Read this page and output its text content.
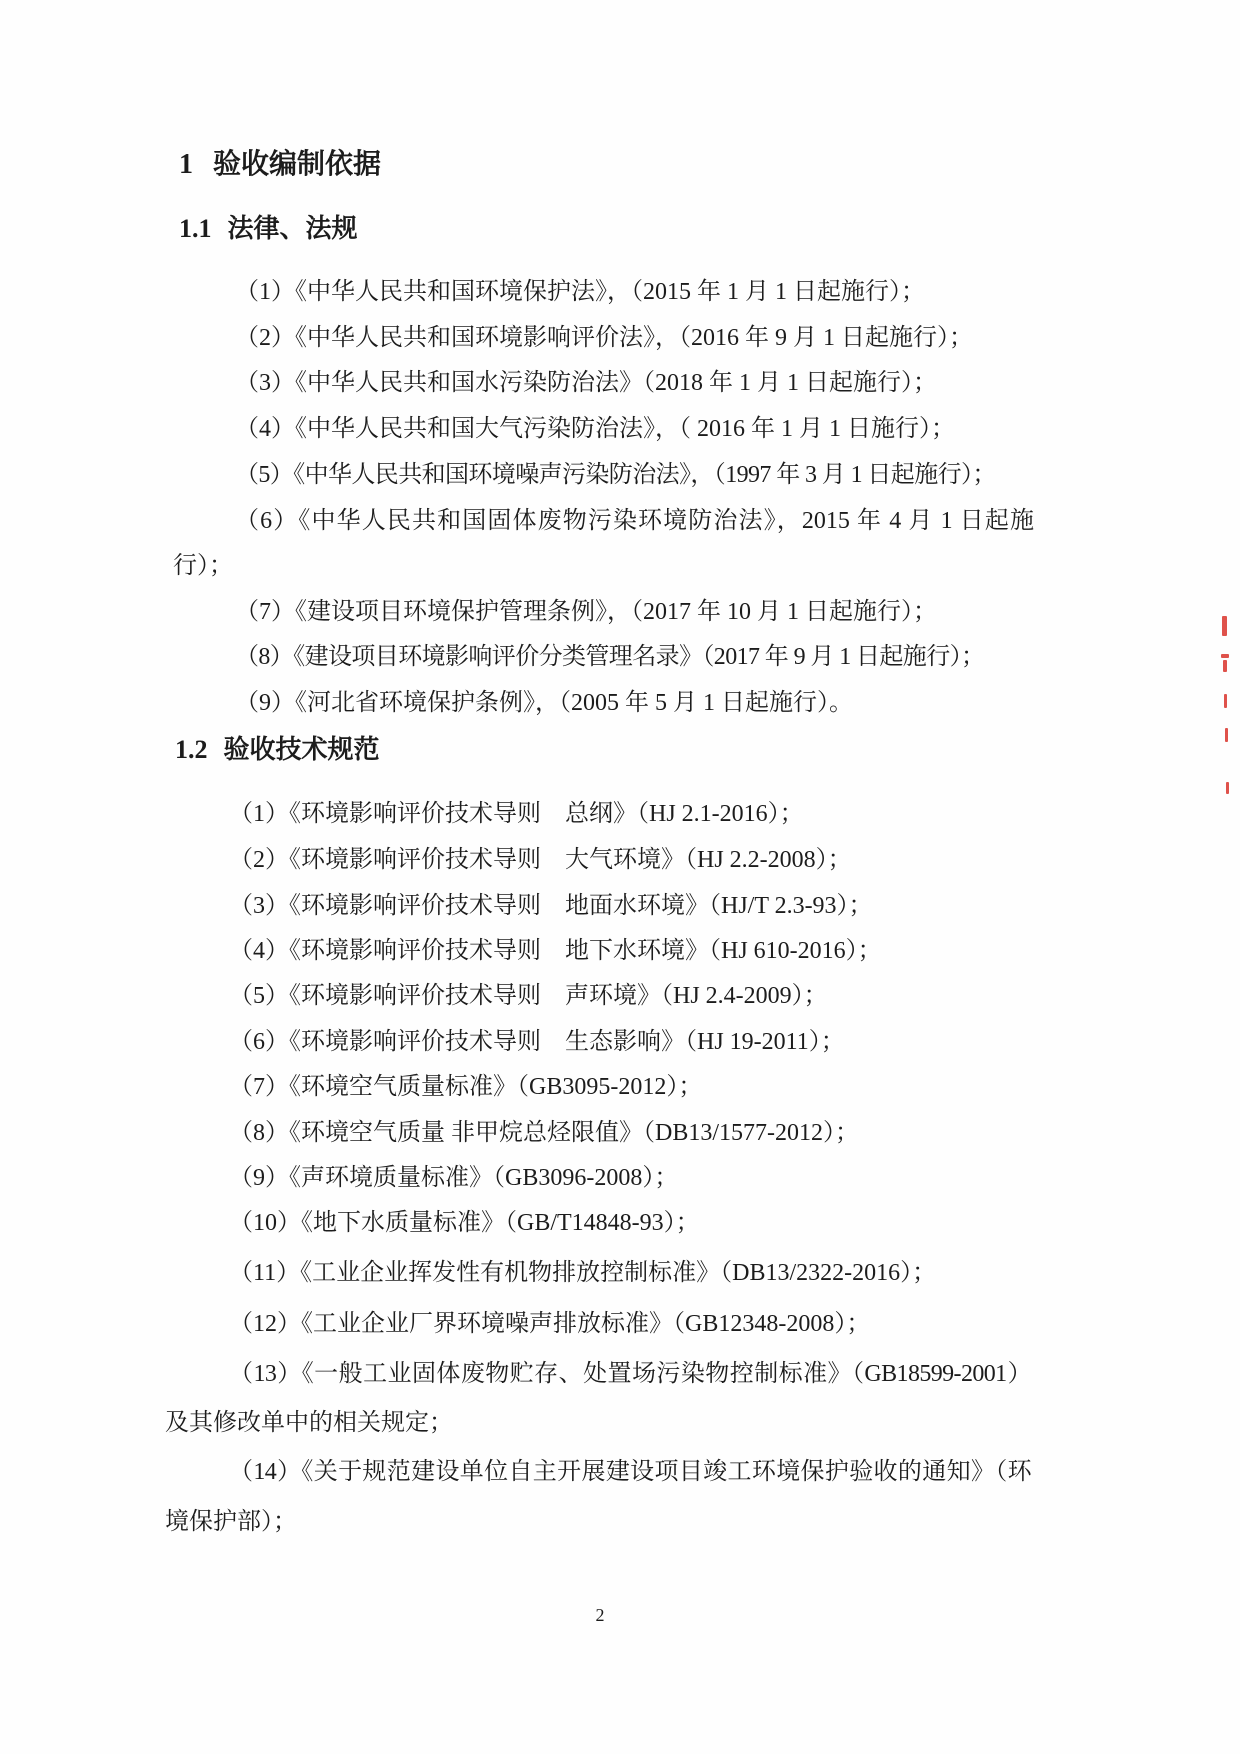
1 验收编制依据
1.1 法律、法规
（1）《中华人民共和国环境保护法》，（2015 年 1 月 1 日起施行）；
（2）《中华人民共和国环境影响评价法》，（2016 年 9 月 1 日起施行）；
（3）《中华人民共和国水污染防治法》（2018 年 1 月 1 日起施行）；
（4）《中华人民共和国大气污染防治法》，（ 2016 年 1 月 1 日施行）；
（5）《中华人民共和国环境噪声污染防治法》，（1997 年 3 月 1 日起施行）；
（6）《中华人民共和国固体废物污染环境防治法》，2015 年 4 月 1 日起施
行）；
（7）《建设项目环境保护管理条例》，（2017 年 10 月 1 日起施行）；
（8）《建设项目环境影响评价分类管理名录》（2017 年 9 月 1 日起施行）；
（9）《河北省环境保护条例》，（2005 年 5 月 1 日起施行）。
1.2 验收技术规范
（1）《环境影响评价技术导则　总纲》（HJ 2.1-2016）；
（2）《环境影响评价技术导则　大气环境》（HJ 2.2-2008）；
（3）《环境影响评价技术导则　地面水环境》（HJ/T 2.3-93）；
（4）《环境影响评价技术导则　地下水环境》（HJ 610-2016）；
（5）《环境影响评价技术导则　声环境》（HJ 2.4-2009）；
（6）《环境影响评价技术导则　生态影响》（HJ 19-2011）；
（7）《环境空气质量标准》（GB3095-2012）；
（8）《环境空气质量 非甲烷总烃限值》（DB13/1577-2012）；
（9）《声环境质量标准》（GB3096-2008）；
（10）《地下水质量标准》（GB/T14848-93）；
（11）《工业企业挥发性有机物排放控制标准》（DB13/2322-2016）；
（12）《工业企业厂界环境噪声排放标准》（GB12348-2008）；
（13）《一般工业固体废物贮存、处置场污染物控制标准》（GB18599-2001）
及其修改单中的相关规定；
（14）《关于规范建设单位自主开展建设项目竣工环境保护验收的通知》（环
境保护部）；
2
